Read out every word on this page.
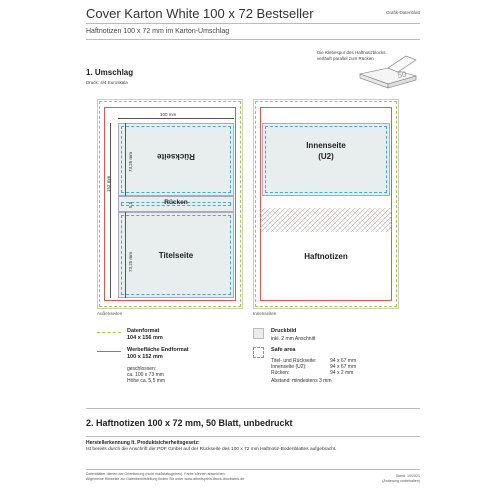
Cover Karton White 100 x 72 Bestseller	Grafik-Datenblatt
Haftnotizen 100 x 72 mm im Karton-Umschlag
Die Klebespur des Haftnotizblocks verläuft parallel zum Rücken
50
1. Umschlag
Druck: 4/4 Euroskala
Rückseite
Rücken
Titelseite
100 mm
152 mm
73,25 mm
5,5
73,25 mm
Außenseiten
Innenseite
(U2)
Haftnotizen
Innenseiten
Datenformat
104 x 156 mm
Werbefläche Endformat
100 x 152 mm
geschlossen:
ca. 100 x 73 mm
Höhe ca. 5,5 mm
Druckbild
inkl. 2 mm Anschnitt
Safe area
Titel- und Rückseite:	94 x 67 mm
Innenseite (U2):	94 x 67 mm
Rücken:	94 x 2 mm
Abstand: mindestens 3 mm
2. Haftnotizen 100 x 72 mm, 50 Blatt, unbedruckt
Herstellerkennung lt. Produktsicherheitsgesetz:
Ist bereits durch die Anschrift der PDF GmbH auf der Rückseite des 100 x 72 mm Haftnotiz-Bodenblattes aufgebracht.
Datenblätter dienen der Orientierung (nicht maßstabsgetreu). Farbe können abweichen.
Allgemeine Hinweise zur Datenbereitstellung finden Sie unter www.arbeitspreis-druck-druckwerk.de
Stand: 10/2021
(Änderung vorbehalten)
